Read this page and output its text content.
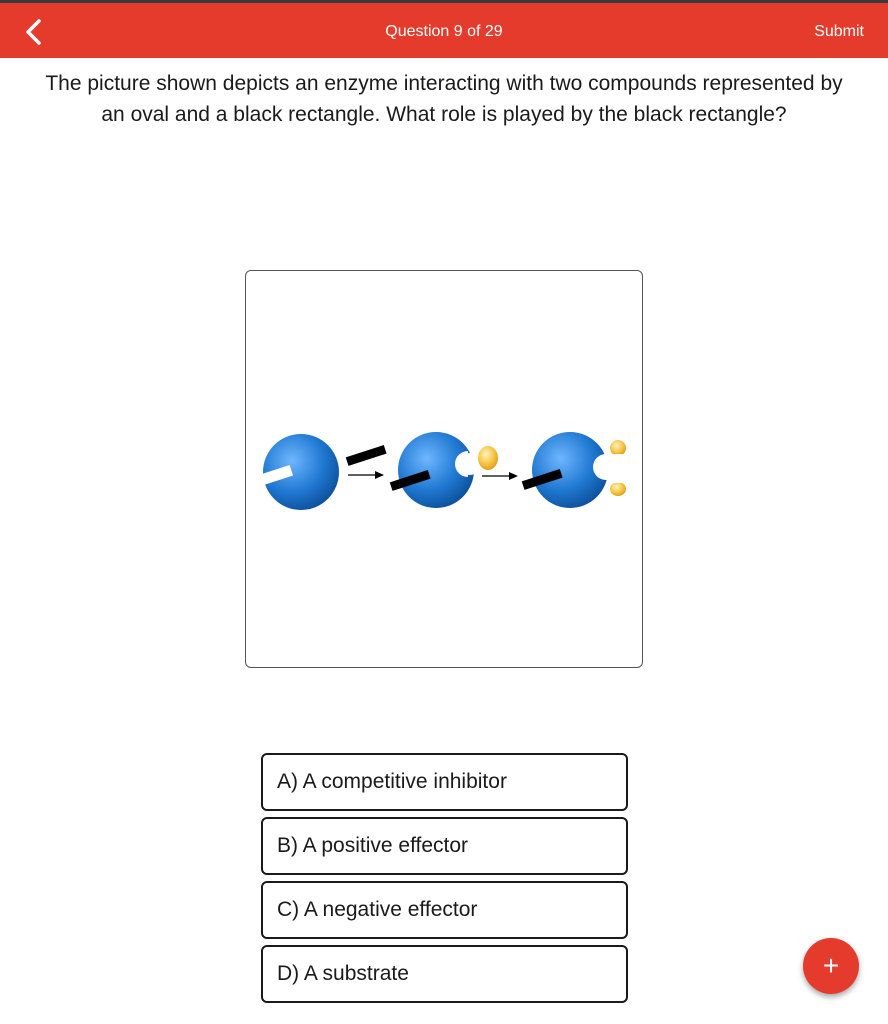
Question 9 of 29	Submit
The picture shown depicts an enzyme interacting with two compounds represented by an oval and a black rectangle. What role is played by the black rectangle?
A) A competitive inhibitor
B) A positive effector
C) A negative effector
D) A substrate	+
